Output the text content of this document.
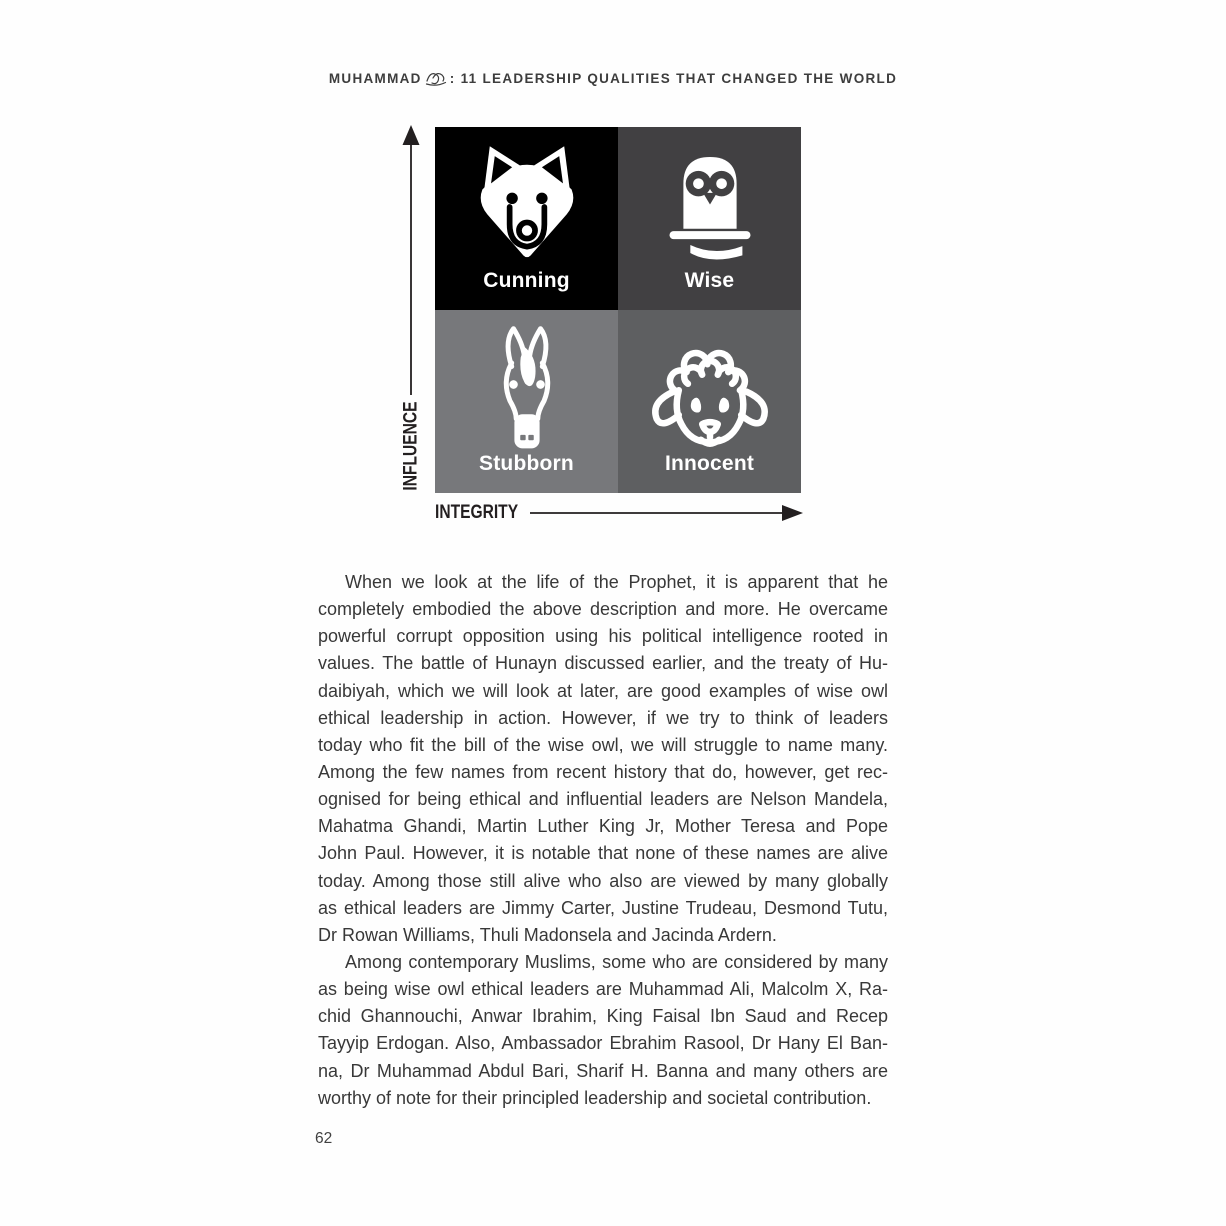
MUHAMMAD : 11 LEADERSHIP QUALITIES THAT CHANGED THE WORLD
INFLUENCE
Cunning	Wise
Stubborn	Innocent
INTEGRITY
When we look at the life of the Prophet, it is apparent that he
completely embodied the above description and more. He overcame
powerful corrupt opposition using his political intelligence rooted in
values. The battle of Hunayn discussed earlier, and the treaty of Hu-
daibiyah, which we will look at later, are good examples of wise owl
ethical leadership in action. However, if we try to think of leaders
today who fit the bill of the wise owl, we will struggle to name many.
Among the few names from recent history that do, however, get rec-
ognised for being ethical and influential leaders are Nelson Mandela,
Mahatma Ghandi, Martin Luther King Jr, Mother Teresa and Pope
John Paul. However, it is notable that none of these names are alive
today. Among those still alive who also are viewed by many globally
as ethical leaders are Jimmy Carter, Justine Trudeau, Desmond Tutu,
Dr Rowan Williams, Thuli Madonsela and Jacinda Ardern.
Among contemporary Muslims, some who are considered by many
as being wise owl ethical leaders are Muhammad Ali, Malcolm X, Ra-
chid Ghannouchi, Anwar Ibrahim, King Faisal Ibn Saud and Recep
Tayyip Erdogan. Also, Ambassador Ebrahim Rasool, Dr Hany El Ban-
na, Dr Muhammad Abdul Bari, Sharif H. Banna and many others are
worthy of note for their principled leadership and societal contribution.
62
